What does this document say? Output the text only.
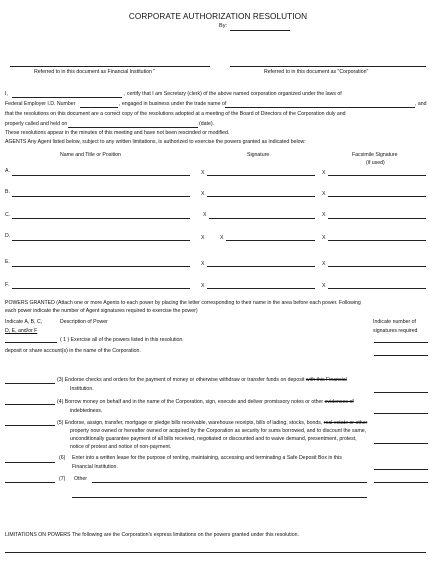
CORPORATE AUTHORIZATION RESOLUTION
By:
Referred to in this document as Financial Institution "	Referred to in this document as "Corporation"
I,	, certify that I am Secretary (clerk) of the above named corporation organized under the laws of
Federal Employer I.D. Number	, engaged in business under the trade name of	, and
that the resolutions on this document are a correct copy of the resolutions adopted at a meeting of the Board of Directors of the Corporation duly and
properly called and held on	(date).
These resolutions appear in the minutes of this meeting and have not been rescinded or modified.
AGENTS Any Agent listed below, subject to any written limitations, is authorized to exercise the powers granted as indicated below:
Name and Title or Position	Signature	Facsimile Signature
(if used)
A.	X	X
B.	X	X
C.	X	X
D.	X	X	X
E.	X	X
F.	X	X
POWERS GRANTED (Attach one or more Agents to each power by placing the letter corresponding to their name in the area before each power. Following
each power indicate the number of Agent signatures required to exercise the power)
Indicate A, B, C,
D, E, and/or F
Description of Power	Indicate number of
signatures required
( 1 ) Exercise all of the powers listed in this resolution.
deposit or share account(s) in the name of the Corporation.
(3) Endorse checks and orders for the payment of money or otherwise withdraw or transfer funds on deposit with this Financial
Institution.
(4) Borrow money on behalf and in the name of the Corporation, sign, execute and deliver promissory notes or other evidences of
indebtedness.
(5) Endorse, assign, transfer, mortgage or pledge bills receivable, warehouse receipts, bills of lading, stocks, bonds, real estate or other
property now owned or hereafter owned or acquired by the Corporation as security for sums borrowed, and to discount the same,
unconditionally guarantee payment of all bills received, negotiated or discounted and to waive demand, presentment, protest,
notice of protest and notice of non-payment.
(6) Enter into a written lease for the purpose of renting, maintaining, accessing and terminating a Safe Deposit Box in this
Financial Institution.
(7) Other
LIMITATIONS ON POWERS The following are the Corporation's express limitations on the powers granted under this resolution.
